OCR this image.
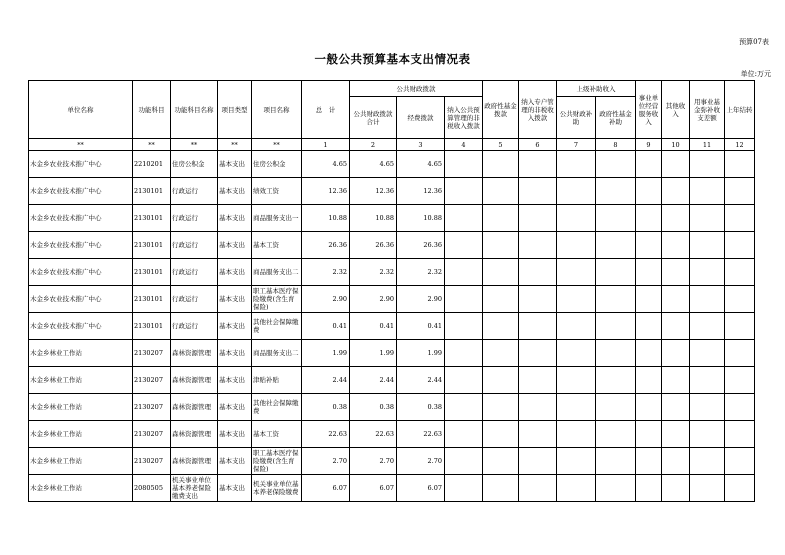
预算07表
一般公共预算基本支出情况表
单位:万元
单位名称	功能科目	功能科目名称	项目类型	项目名称	总　计	公共财政拨款			政府性基金拨款	纳入专户管理的非税收入拨款	上级补助收入		事业单位经营服务收入	其他收入	用事业基金弥补收支差额	上年结转
						公共财政拨款合计	经费拨款	纳入公共预算管理的非税收入拨款			公共财政补助	政府性基金补助				
**	**	**	**	**	1	2	3	4	5	6	7	8	9	10	11	12
木金乡农业技术推广中心	2210201	住房公积金	基本支出	住房公积金	4.65	4.65	4.65									
木金乡农业技术推广中心	2130101	行政运行	基本支出	绩效工资	12.36	12.36	12.36									
木金乡农业技术推广中心	2130101	行政运行	基本支出	商品服务支出一	10.88	10.88	10.88									
木金乡农业技术推广中心	2130101	行政运行	基本支出	基本工资	26.36	26.36	26.36									
木金乡农业技术推广中心	2130101	行政运行	基本支出	商品服务支出二	2.32	2.32	2.32									
木金乡农业技术推广中心	2130101	行政运行	基本支出	职工基本医疗保险缴费(含生育保险)	2.90	2.90	2.90									
木金乡农业技术推广中心	2130101	行政运行	基本支出	其他社会保障缴费	0.41	0.41	0.41									
木金乡林业工作站	2130207	森林资源管理	基本支出	商品服务支出二	1.99	1.99	1.99									
木金乡林业工作站	2130207	森林资源管理	基本支出	津贴补贴	2.44	2.44	2.44									
木金乡林业工作站	2130207	森林资源管理	基本支出	其他社会保障缴费	0.38	0.38	0.38									
木金乡林业工作站	2130207	森林资源管理	基本支出	基本工资	22.63	22.63	22.63									
木金乡林业工作站	2130207	森林资源管理	基本支出	职工基本医疗保险缴费(含生育保险)	2.70	2.70	2.70									
木金乡林业工作站	2080505	机关事业单位基本养老保险缴费支出	基本支出	机关事业单位基本养老保险缴费	6.07	6.07	6.07									
